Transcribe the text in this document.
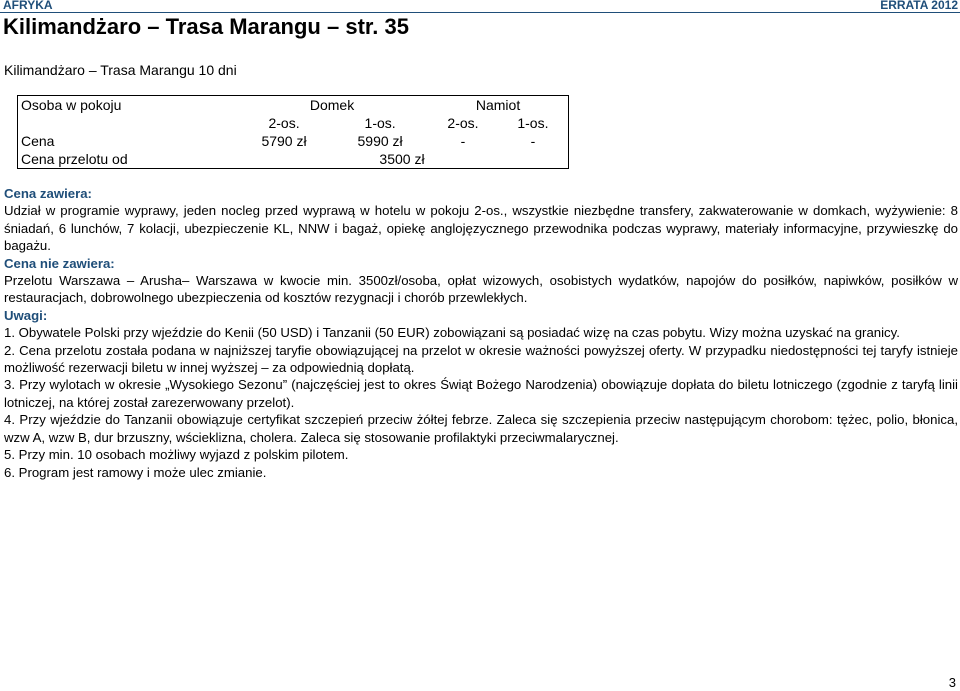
AFRYKA	ERRATA 2012
Kilimandżaro – Trasa Marangu – str. 35
Kilimandżaro – Trasa Marangu 10 dni
Osoba w pokoju	Domek		Namiot	
	2-os.	1-os.	2-os.	1-os.
Cena	5790 zł	5990 zł	-	-
Cena przelotu od	3500 zł			

Cena zawiera:

Udział w programie wyprawy, jeden nocleg przed wyprawą w hotelu w pokoju 2-os., wszystkie niezbędne transfery, zakwaterowanie w domkach, wyżywienie: 8 śniadań, 6 lunchów, 7 kolacji, ubezpieczenie KL, NNW i bagaż, opiekę anglojęzycznego przewodnika podczas wyprawy, materiały informacyjne, przywieszkę do bagażu.

Cena nie zawiera:

Przelotu Warszawa – Arusha– Warszawa w kwocie min. 3500zł/osoba, opłat wizowych, osobistych wydatków, napojów do posiłków, napiwków, posiłków w restauracjach, dobrowolnego ubezpieczenia od kosztów rezygnacji i chorób przewlekłych.

Uwagi:

1. Obywatele Polski przy wjeździe do Kenii (50 USD) i Tanzanii (50 EUR) zobowiązani są posiadać wizę na czas pobytu. Wizy można uzyskać na granicy.

2. Cena przelotu została podana w najniższej taryfie obowiązującej na przelot w okresie ważności powyższej oferty. W przypadku niedostępności tej taryfy istnieje możliwość rezerwacji biletu w innej wyższej – za odpowiednią dopłatą.

3. Przy wylotach w okresie „Wysokiego Sezonu” (najczęściej jest to okres Świąt Bożego Narodzenia) obowiązuje dopłata do biletu lotniczego (zgodnie z taryfą linii lotniczej, na której został zarezerwowany przelot).

4. Przy wjeździe do Tanzanii obowiązuje certyfikat szczepień przeciw żółtej febrze. Zaleca się szczepienia przeciw następującym chorobom: tężec, polio, błonica, wzw A, wzw B, dur brzuszny, wścieklizna, cholera. Zaleca się stosowanie profilaktyki przeciwmalarycznej.

5. Przy min. 10 osobach możliwy wyjazd z polskim pilotem.

6. Program jest ramowy i może ulec zmianie.

3
